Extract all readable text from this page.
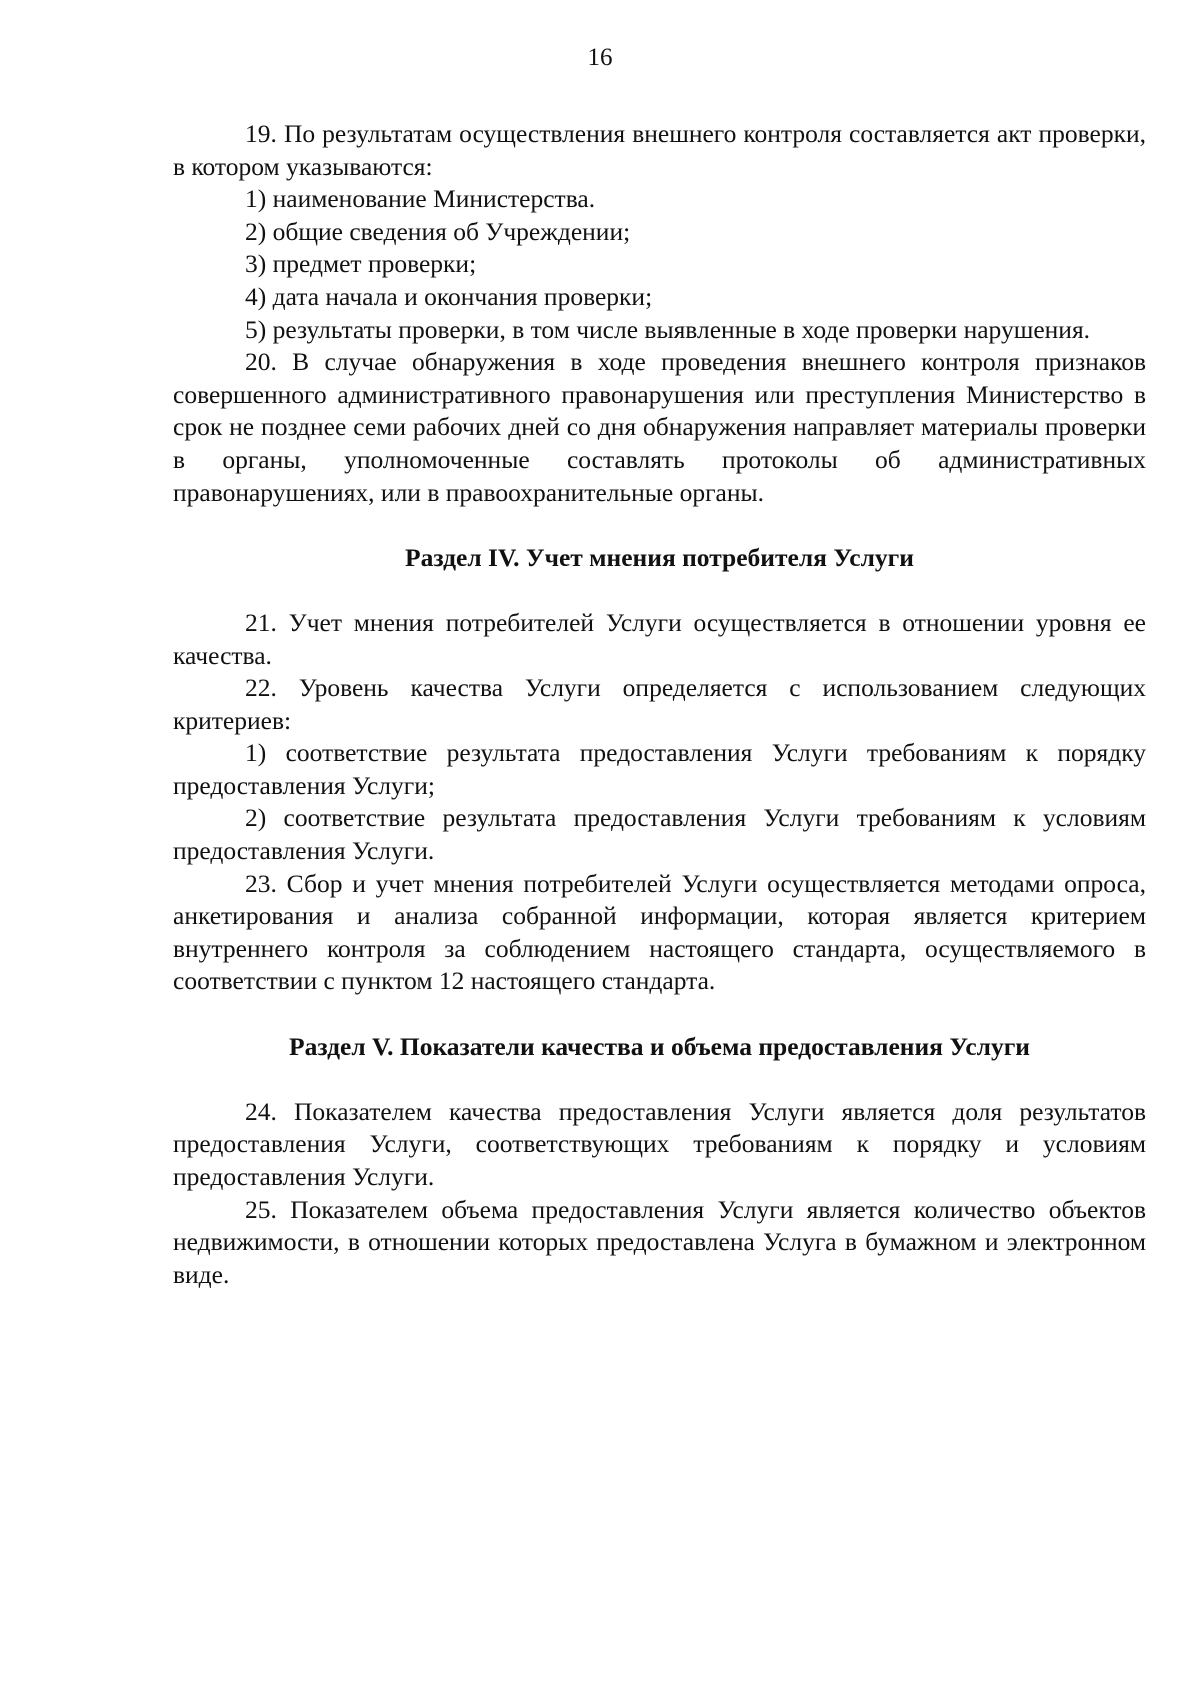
16

19. По результатам осуществления внешнего контроля составляется акт проверки, в котором указываются:

1) наименование Министерства.

2) общие сведения об Учреждении;

3) предмет проверки;

4) дата начала и окончания проверки;

5) результаты проверки, в том числе выявленные в ходе проверки нарушения.

20. В случае обнаружения в ходе проведения внешнего контроля признаков совершенного административного правонарушения или преступления Министерство в срок не позднее семи рабочих дней со дня обнаружения направляет материалы проверки в органы, уполномоченные составлять протоколы об административных правонарушениях, или в правоохранительные органы.

Раздел IV. Учет мнения потребителя Услуги

21. Учет мнения потребителей Услуги осуществляется в отношении уровня ее качества.

22. Уровень качества Услуги определяется с использованием следующих критериев:

1) соответствие результата предоставления Услуги требованиям к порядку предоставления Услуги;

2) соответствие результата предоставления Услуги требованиям к условиям предоставления Услуги.

23. Сбор и учет мнения потребителей Услуги осуществляется методами опроса, анкетирования и анализа собранной информации, которая является критерием внутреннего контроля за соблюдением настоящего стандарта, осуществляемого в соответствии с пунктом 12 настоящего стандарта.

Раздел V. Показатели качества и объема предоставления Услуги

24. Показателем качества предоставления Услуги является доля результатов предоставления Услуги, соответствующих требованиям к порядку и условиям предоставления Услуги.

25. Показателем объема предоставления Услуги является количество объектов недвижимости, в отношении которых предоставлена Услуга в бумажном и электронном виде.
